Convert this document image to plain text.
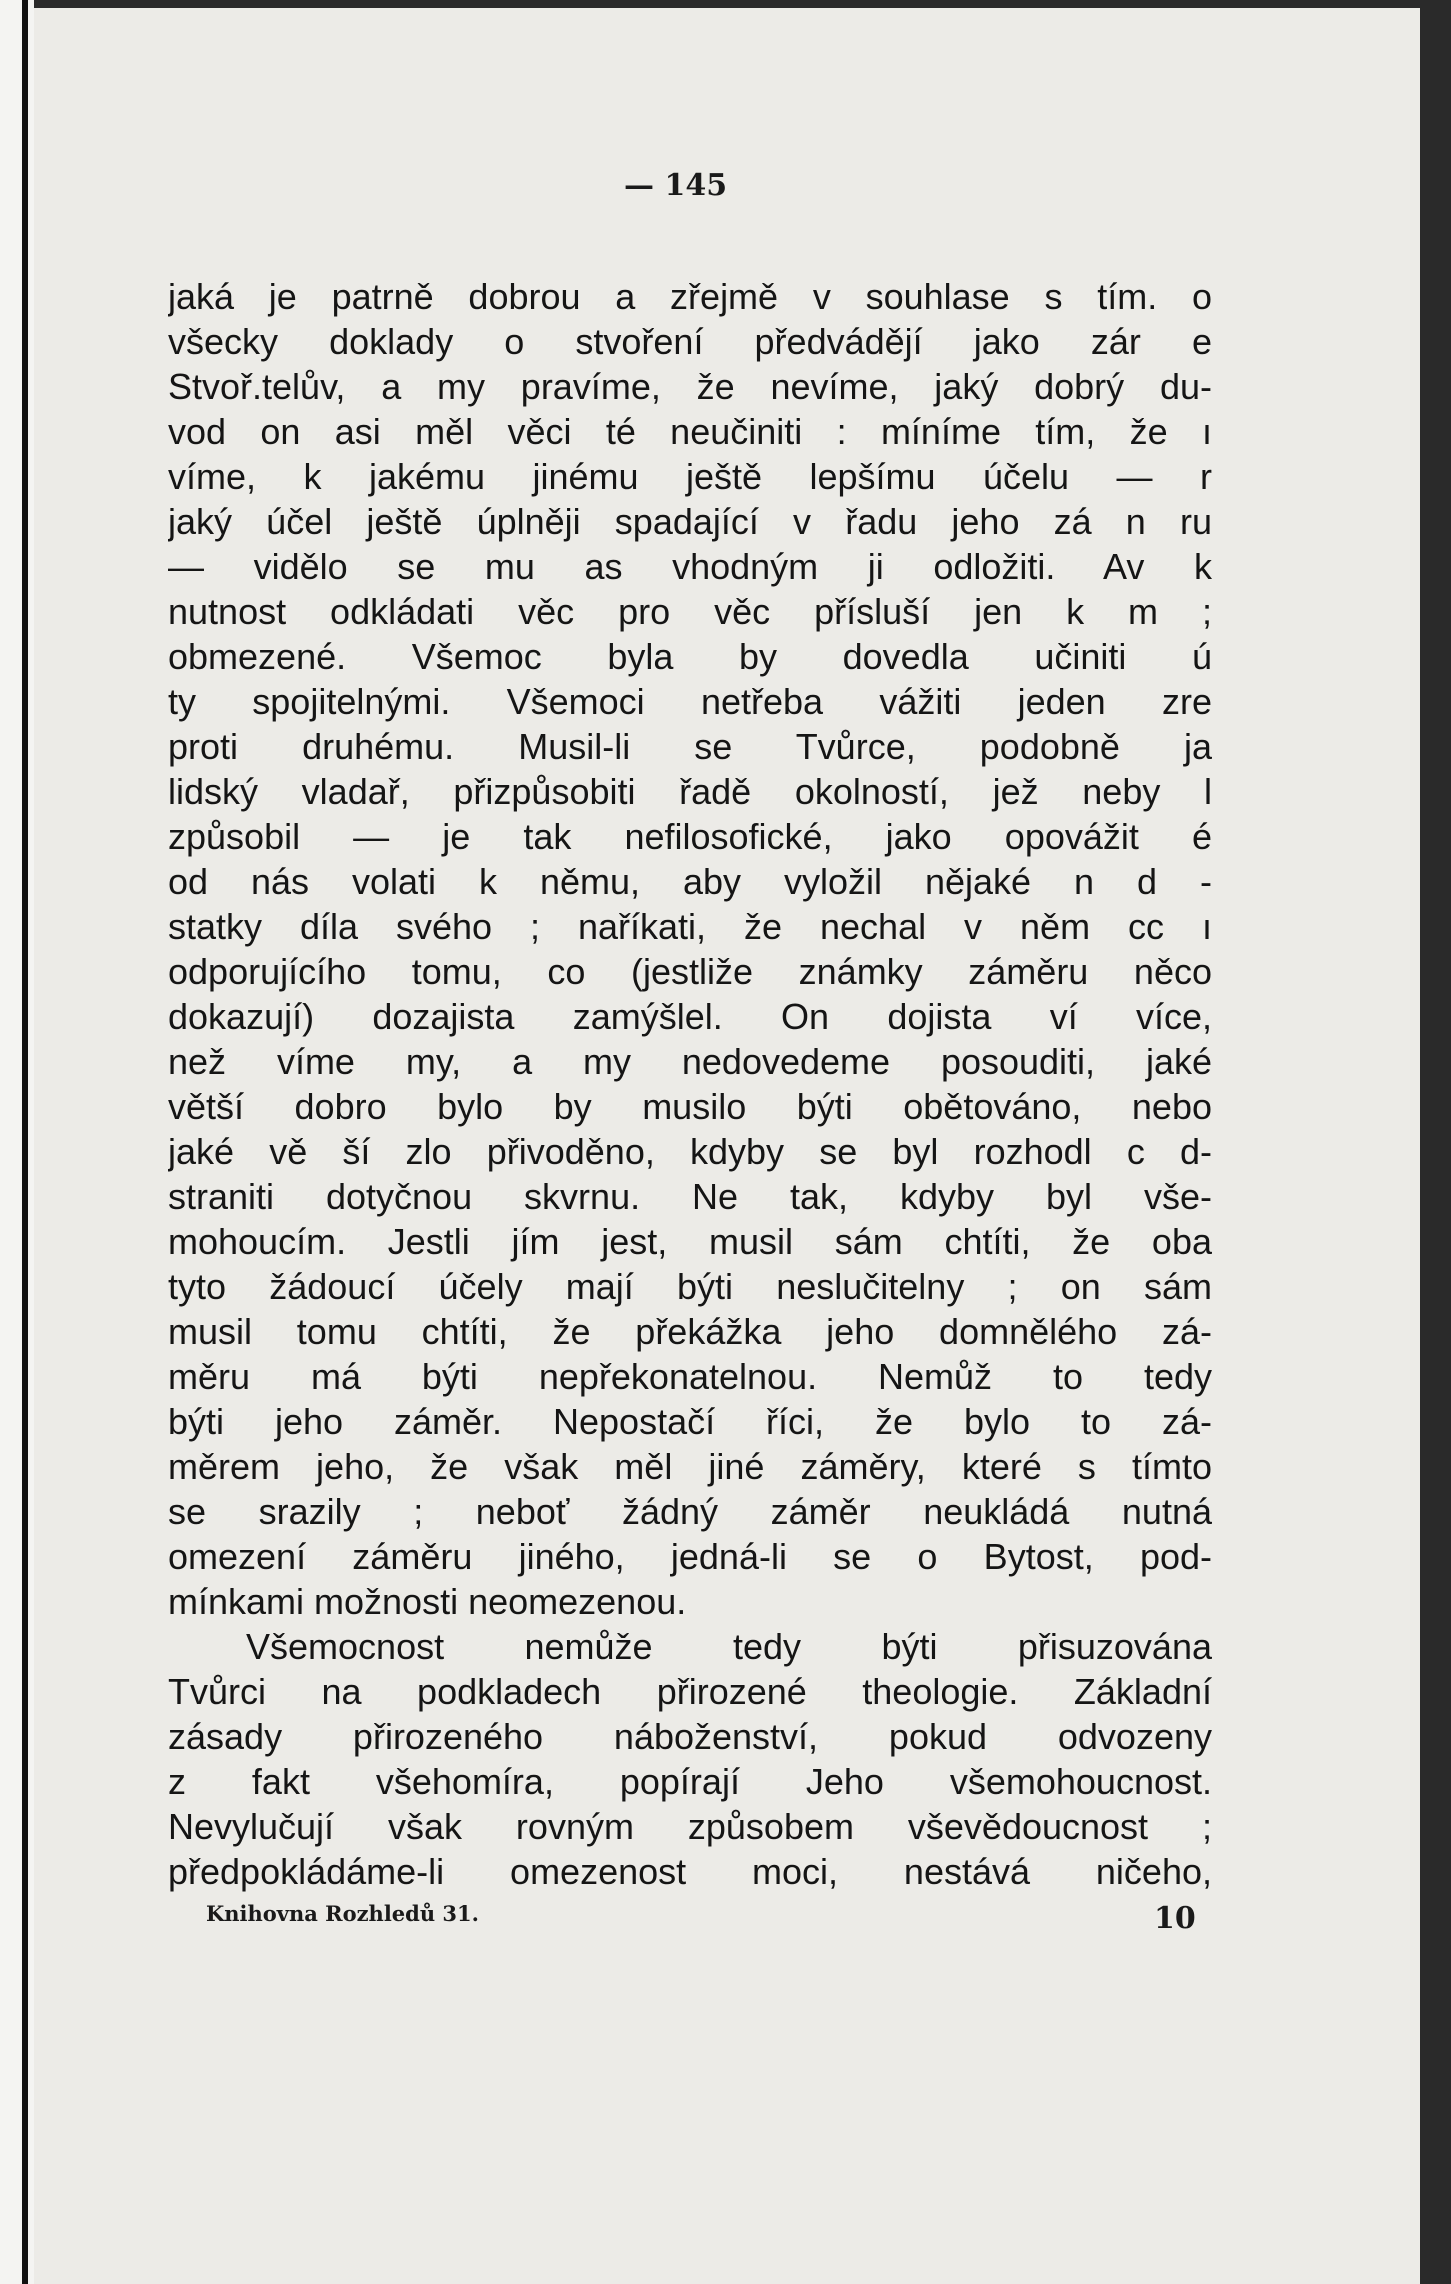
— 145
jaká je patrně dobrou a zřejmě v souhlase s tím. o
všecky doklady o stvoření předvádějí jako zár e
Stvoř.telův, a my pravíme, že nevíme, jaký dobrý du-
vod on asi měl věci té neučiniti : míníme tím, že ı
víme, k jakému jinému ještě lepšímu účelu — r
jaký účel ještě úplněji spadající v řadu jeho zá n ru
— vidělo se mu as vhodným ji odložiti. Av k
nutnost odkládati věc pro věc přísluší jen k m ;
obmezené. Všemoc byla by dovedla učiniti ú
ty spojitelnými. Všemoci netřeba vážiti jeden zre
proti druhému. Musil-li se Tvůrce, podobně ja
lidský vladař, přizpůsobiti řadě okolností, jež neby l
způsobil — je tak nefilosofické, jako opovážit é
od nás volati k němu, aby vyložil nějaké n d -
statky díla svého ; naříkati, že nechal v něm cc ı
odporujícího tomu, co (jestliže známky záměru něco
dokazují) dozajista zamýšlel. On dojista ví více,
než víme my, a my nedovedeme posouditi, jaké
větší dobro bylo by musilo býti obětováno, nebo
jaké vě ší zlo přivoděno, kdyby se byl rozhodl c d-
straniti dotyčnou skvrnu. Ne tak, kdyby byl vše-
mohoucím. Jestli jím jest, musil sám chtíti, že oba
tyto žádoucí účely mají býti neslučitelny ; on sám
musil tomu chtíti, že překážka jeho domnělého zá-
měru má býti nepřekonatelnou. Nemůž to tedy
býti jeho záměr. Nepostačí říci, že bylo to zá-
měrem jeho, že však měl jiné záměry, které s tímto
se srazily ; neboť žádný záměr neukládá nutná
omezení záměru jiného, jedná-li se o Bytost, pod-
mínkami možnosti neomezenou.
Všemocnost nemůže tedy býti přisuzována
Tvůrci na podkladech přirozené theologie. Základní
zásady přirozeného náboženství, pokud odvozeny
z fakt všehomíra, popírají Jeho všemohoucnost.
Nevylučují však rovným způsobem vševědoucnost ;
předpokládáme-li omezenost moci, nestává ničeho,
Knihovna Rozhledů 31.	10
